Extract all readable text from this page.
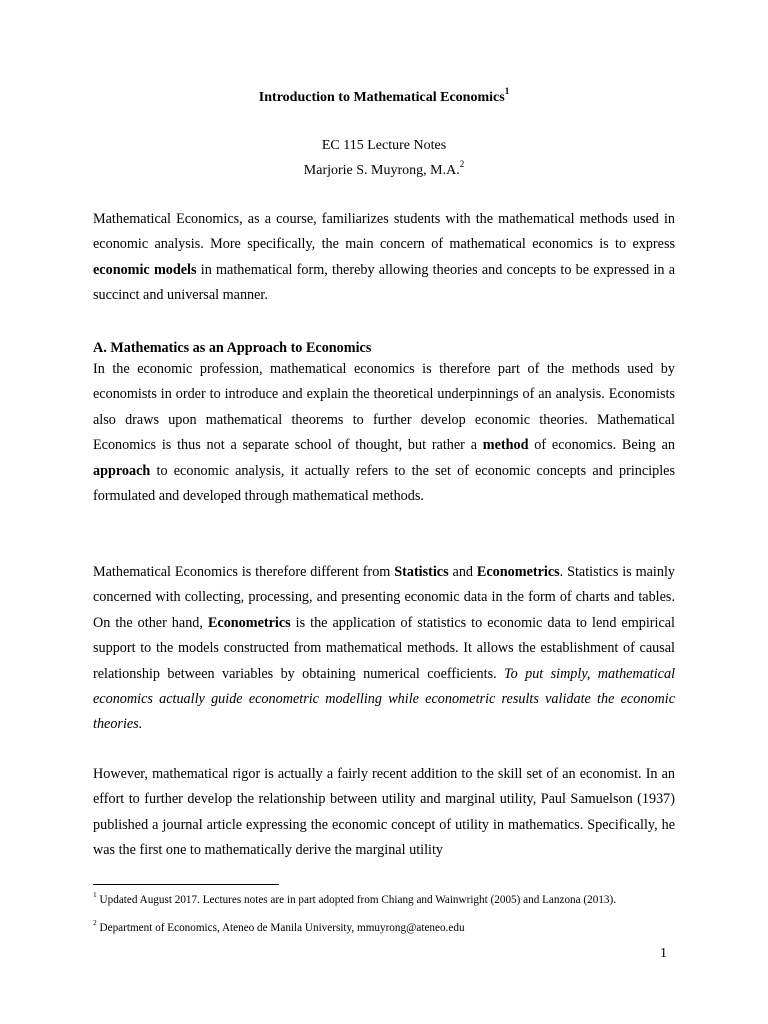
Introduction to Mathematical Economics$^1$
EC 115 Lecture Notes
Marjorie S. Muyrong, M.A.$^2$

Mathematical Economics, as a course, familiarizes students with the mathematical methods used in economic analysis. More specifically, the main concern of mathematical economics is to express economic models in mathematical form, thereby allowing theories and concepts to be expressed in a succinct and universal manner.

A. Mathematics as an Approach to Economics

In the economic profession, mathematical economics is therefore part of the methods used by economists in order to introduce and explain the theoretical underpinnings of an analysis. Economists also draws upon mathematical theorems to further develop economic theories. Mathematical Economics is thus not a separate school of thought, but rather a method of economics. Being an approach to economic analysis, it actually refers to the set of economic concepts and principles formulated and developed through mathematical methods.

Mathematical Economics is therefore different from Statistics and Econometrics. Statistics is mainly concerned with collecting, processing, and presenting economic data in the form of charts and tables. On the other hand, Econometrics is the application of statistics to economic data to lend empirical support to the models constructed from mathematical methods. It allows the establishment of causal relationship between variables by obtaining numerical coefficients. To put simply, mathematical economics actually guide econometric modelling while econometric results validate the economic theories.

However, mathematical rigor is actually a fairly recent addition to the skill set of an economist. In an effort to further develop the relationship between utility and marginal utility, Paul Samuelson (1937) published a journal article expressing the economic concept of utility in mathematics. Specifically, he was the first one to mathematically derive the marginal utility

$^1$ Updated August 2017. Lectures notes are in part adopted from Chiang and Wainwright (2005) and Lanzona (2013).

$^2$ Department of Economics, Ateneo de Manila University, mmuyrong@ateneo.edu

1
